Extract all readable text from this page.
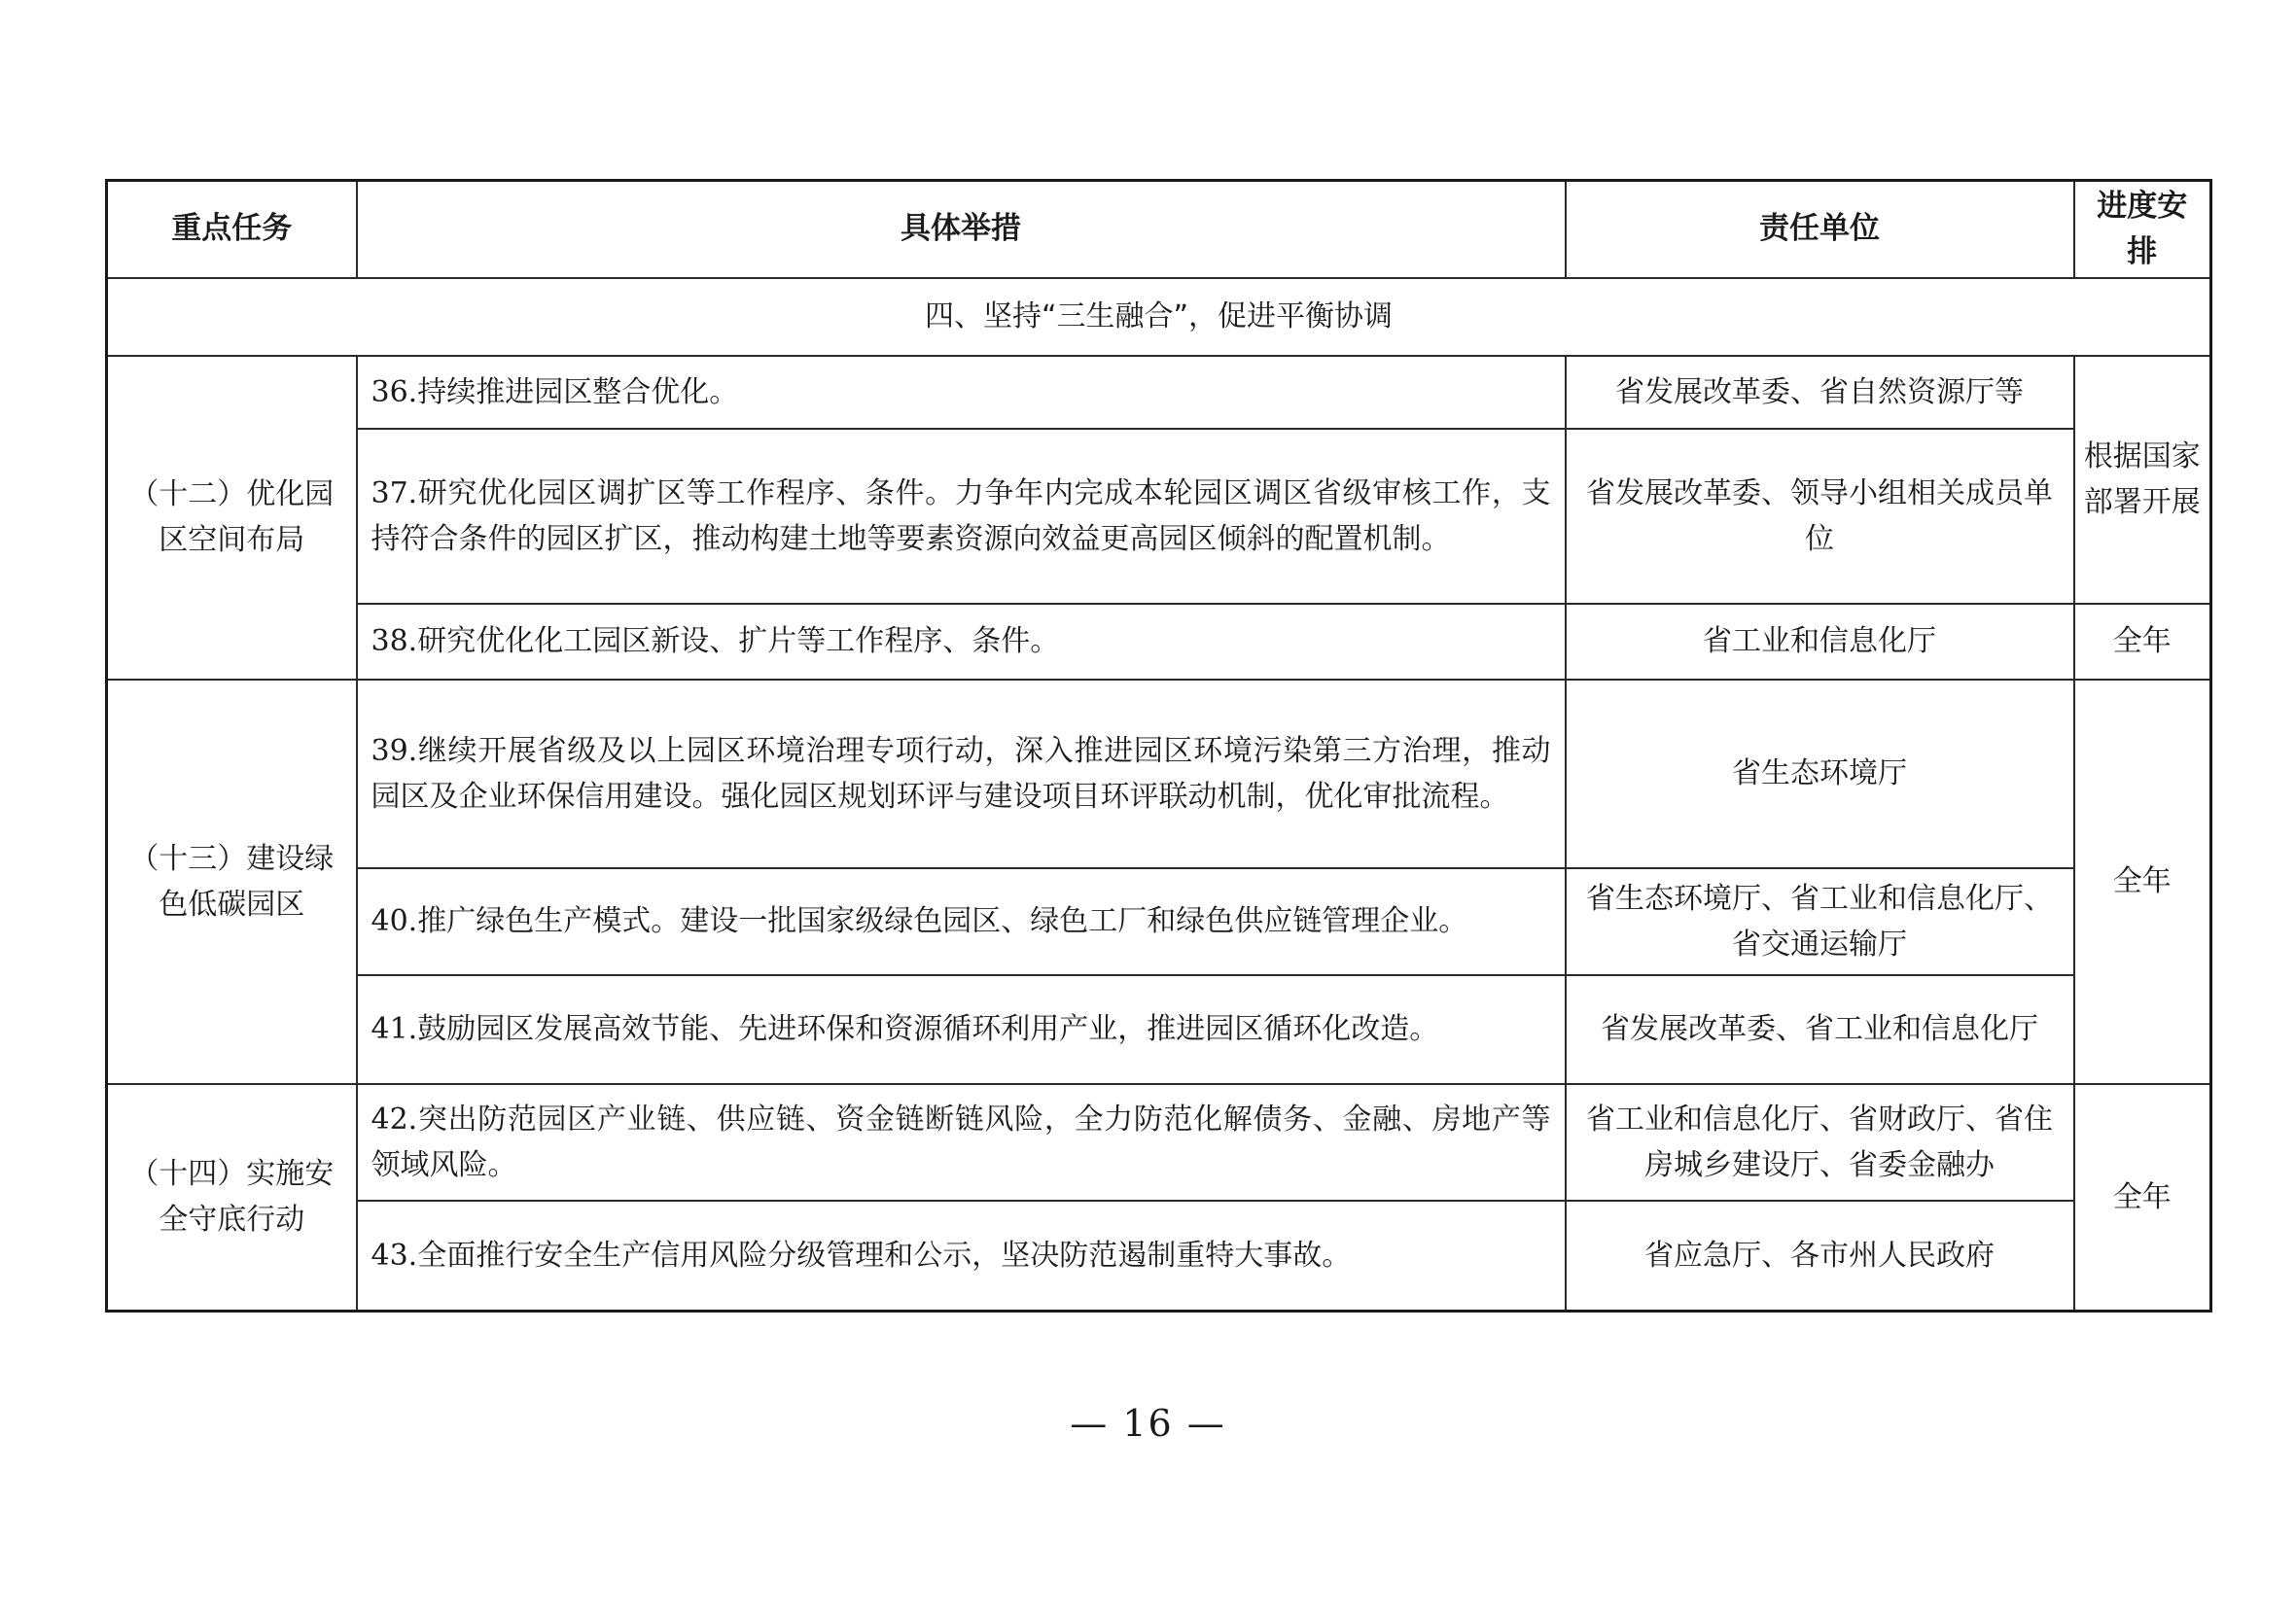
重点任务	具体举措	责任单位	进度安排
四、坚持“三生融合”，促进平衡协调			
（十二）优化园区空间布局	36.持续推进园区整合优化。	省发展改革委、省自然资源厅等	根据国家部署开展
	37.研究优化园区调扩区等工作程序、条件。力争年内完成本轮园区调区省级审核工作，支持符合条件的园区扩区，推动构建土地等要素资源向效益更高园区倾斜的配置机制。	省发展改革委、领导小组相关成员单位	
	38.研究优化化工园区新设、扩片等工作程序、条件。	省工业和信息化厅	全年
（十三）建设绿色低碳园区	39.继续开展省级及以上园区环境治理专项行动，深入推进园区环境污染第三方治理，推动园区及企业环保信用建设。强化园区规划环评与建设项目环评联动机制，优化审批流程。	省生态环境厅	全年
	40.推广绿色生产模式。建设一批国家级绿色园区、绿色工厂和绿色供应链管理企业。	省生态环境厅、省工业和信息化厅、省交通运输厅	
	41.鼓励园区发展高效节能、先进环保和资源循环利用产业，推进园区循环化改造。	省发展改革委、省工业和信息化厅	
（十四）实施安全守底行动	42.突出防范园区产业链、供应链、资金链断链风险，全力防范化解债务、金融、房地产等领域风险。	省工业和信息化厅、省财政厅、省住房城乡建设厅、省委金融办	全年
	43.全面推行安全生产信用风险分级管理和公示，坚决防范遏制重特大事故。	省应急厅、各市州人民政府	
— 16 —
